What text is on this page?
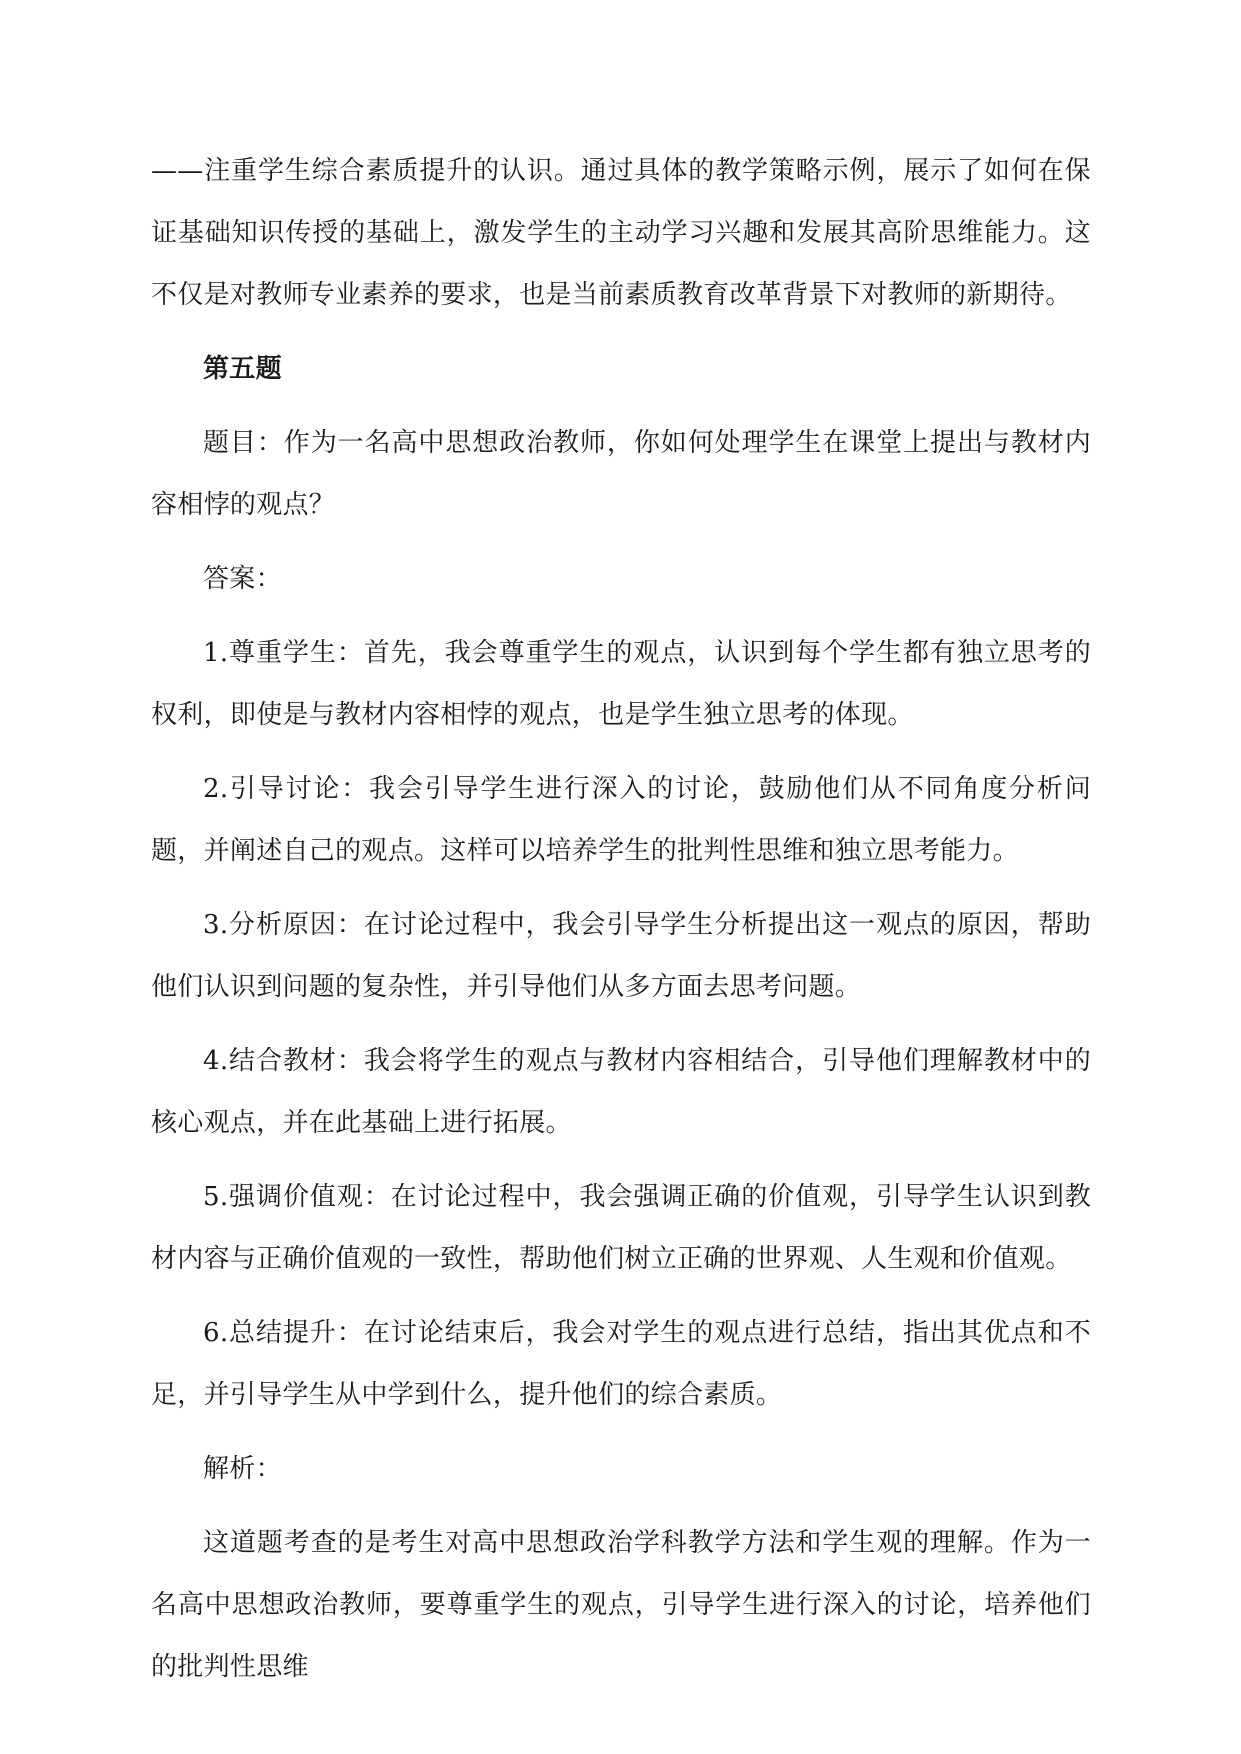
——注重学生综合素质提升的认识。通过具体的教学策略示例，展示了如何在保证基础知识传授的基础上，激发学生的主动学习兴趣和发展其高阶思维能力。这不仅是对教师专业素养的要求，也是当前素质教育改革背景下对教师的新期待。

第五题

题目：作为一名高中思想政治教师，你如何处理学生在课堂上提出与教材内容相悖的观点？

答案：

1.尊重学生：首先，我会尊重学生的观点，认识到每个学生都有独立思考的权利，即使是与教材内容相悖的观点，也是学生独立思考的体现。

2.引导讨论：我会引导学生进行深入的讨论，鼓励他们从不同角度分析问题，并阐述自己的观点。这样可以培养学生的批判性思维和独立思考能力。

3.分析原因：在讨论过程中，我会引导学生分析提出这一观点的原因，帮助他们认识到问题的复杂性，并引导他们从多方面去思考问题。

4.结合教材：我会将学生的观点与教材内容相结合，引导他们理解教材中的核心观点，并在此基础上进行拓展。

5.强调价值观：在讨论过程中，我会强调正确的价值观，引导学生认识到教材内容与正确价值观的一致性，帮助他们树立正确的世界观、人生观和价值观。

6.总结提升：在讨论结束后，我会对学生的观点进行总结，指出其优点和不足，并引导学生从中学到什么，提升他们的综合素质。

解析：

这道题考查的是考生对高中思想政治学科教学方法和学生观的理解。作为一名高中思想政治教师，要尊重学生的观点，引导学生进行深入的讨论，培养他们的批判性思维
